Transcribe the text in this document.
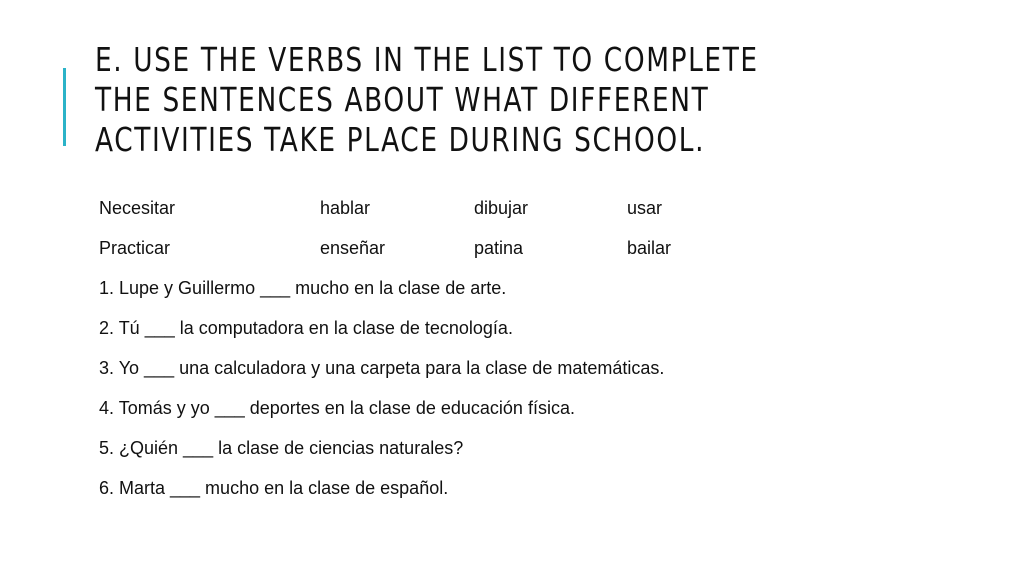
E. USE THE VERBS IN THE LIST TO COMPLETE THE SENTENCES ABOUT WHAT DIFFERENT ACTIVITIES TAKE PLACE DURING SCHOOL.
Necesitar	hablar	dibujar	usar
Practicar	enseñar	patina	bailar
1. Lupe y Guillermo ___ mucho en la clase de arte.
2. Tú ___ la computadora en la clase de tecnología.
3. Yo ___ una calculadora y una carpeta para la clase de matemáticas.
4. Tomás y yo ___ deportes en la clase de educación física.
5. ¿Quién ___ la clase de ciencias naturales?
6. Marta ___ mucho en la clase de español.
